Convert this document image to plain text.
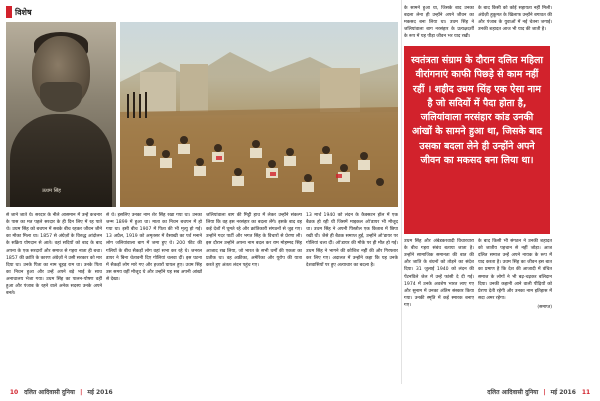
विशेष
ऊधम सिंह
स्वतंत्रता संग्राम के दौरान दलित महिला वीरांगनाएं काफी पिछड़े से काम नहीं रहीं । शहीद उधम सिंह एक ऐसा नाम है जो सदियों में पैदा होता है, जलियांवाला नरसंहार कांड उनकी आंखों के सामने हुआ था, जिसके बाद उसका बदला लेने ही उन्होंने अपने जीवन का मकसद बना लिया था।
के सामने हुआ था, जिसके बाद उनका बदला लेना ही उन्होंने अपने जीवन का मकसद बना लिया था। उधम सिंह ने जलियांवाला बाग नरसंहार के प्रत्यक्षदर्शी के रूप में यह पीड़ा जीवन भर याद रखी।
के बाद किसी को कोई सहायता नहीं मिली। अंग्रेज़ी हुकूमत के खिलाफ उन्होंने बगावत की और पंजाब के युवाओं में नई चेतना जगाई। उनकी शहादत आज भी याद की जाती है।
से जाने जाते थे। सरदार के नीले आसमान में उन्हें कचनार के पास का मत पहले सरदार के ही दिन लिए में रह पाते थे। उधम सिंह को बचपन में सबके बीच रहकर जीवन जीने का मौका मिला था। 1857 से अंग्रेज़ों के विरुद्ध आंदोलन के सक्रिय योगदान से आते। वहां सदियों को बाद के बाद अपना के एक सरदारों और समाज से गहरा नाता ही बचा। 1857 की क्रांति के कारण अंग्रेज़ों ने उसी सरकार को मार दिया था। उनके पिता का नाम चूहड़ राम था। उनके पिता का निधन हुआ और उन्हें अपने बड़े भाई के साथ अनाथालय भेजा गया। उधम सिंह का पालन-पोषण वहीं हुआ और पंजाब के रहने वाले अनेक सदस्य उनके अपने बनते।
से थे। इसलिए उनका नाम शेर सिंह रखा गया था। उनका जन्म 1899 में हुआ था। माता का निधन बचपन में हो गया था। इसी बीच 1907 में पिता की भी मृत्यु हो गई। 13 अप्रैल, 1919 को अमृतसर में वैसाखी का पर्व मनाने लोग जलियांवाला बाग में जमा हुए थे। 200 फीट की गलियों के बीच सैकड़ों लोग वहां सभा कर रहे थे। जनरल डायर ने बिना चेतावनी दिए गोलियां चलवा दीं। इस घटना में सैकड़ों लोग मारे गए और हजारों घायल हुए। उधम सिंह उस समय वहीं मौजूद थे और उन्होंने यह सब अपनी आंखों से देखा।
जलियांवाला बाग की मिट्टी हाथ में लेकर उन्होंने संकल्प लिया कि वह इस नरसंहार का बदला लेंगे। इसके बाद वह कई देशों में घूमते रहे और क्रांतिकारी संगठनों से जुड़ गए। उन्होंने गदर पार्टी और भगत सिंह के विचारों से प्रेरणा ली। इस दौरान उन्होंने अपना नाम बदल कर राम मोहम्मद सिंह आजाद रख लिया, जो भारत के सभी धर्मों की एकता का प्रतीक था। वह अफ्रीका, अमेरिका और यूरोप की यात्रा करते हुए अंततः लंदन पहुंच गए।
13 मार्च 1940 को लंदन के कैक्सटन हॉल में एक बैठक हो रही थी जिसमें माइकल ओ'डायर भी मौजूद था। उधम सिंह ने अपनी पिस्तौल एक किताब में छिपा रखी थी। जैसे ही बैठक समाप्त हुई, उन्होंने ओ'डायर पर गोलियां चला दीं। ओ'डायर की मौके पर ही मौत हो गई। उधम सिंह ने भागने की कोशिश नहीं की और गिरफ्तार कर लिए गए। अदालत में उन्होंने कहा कि यह उनके देशवासियों पर हुए अत्याचार का बदला है।
उधम सिंह और अंबेडकरवादी विचारधारा के बीच गहरा संबंध बताया जाता है। उन्होंने सामाजिक समानता की बात की और जाति के बंधनों को तोड़ने का संदेश दिया। 31 जुलाई 1940 को लंदन की पेंटनविले जेल में उन्हें फांसी दे दी गई। 1974 में उनके अवशेष भारत लाए गए और सुनाम में उनका अंतिम संस्कार किया गया। उनकी स्मृति में कई स्मारक बनाए गए।
के बाद किसी भी संगठन ने उनकी शहादत को जातीय पहचान से नहीं जोड़ा। आज दलित समाज उन्हें अपने नायक के रूप में याद करता है। उधम सिंह का जीवन इस बात का प्रमाण है कि देश की आजादी में वंचित समाज के लोगों ने भी बढ़-चढ़कर बलिदान दिया। उनकी कहानी आने वाली पीढ़ियों को प्रेरणा देती रहेगी और उनका नाम इतिहास में सदा अमर रहेगा।
(समाप्त)
10 दलित आदिवासी दुनिया | मई 2016	दलित आदिवासी दुनिया | मई 2016 11
